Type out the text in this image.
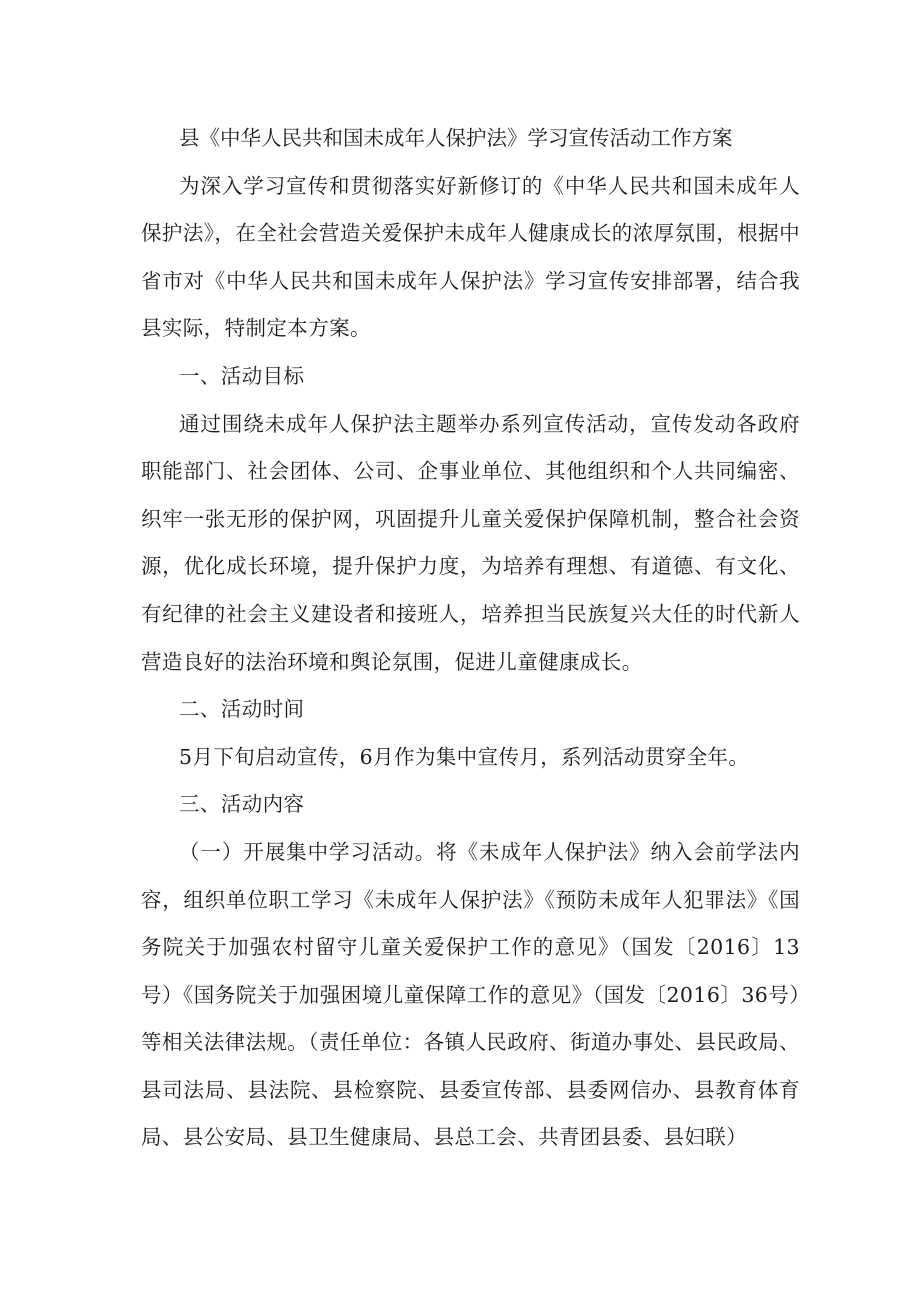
县《中华人民共和国未成年人保护法》学习宣传活动工作方案

为深入学习宣传和贯彻落实好新修订的《中华人民共和国未成年人保护法》，在全社会营造关爱保护未成年人健康成长的浓厚氛围，根据中省市对《中华人民共和国未成年人保护法》学习宣传安排部署，结合我县实际，特制定本方案。

一、活动目标

通过围绕未成年人保护法主题举办系列宣传活动，宣传发动各政府职能部门、社会团体、公司、企事业单位、其他组织和个人共同编密、织牢一张无形的保护网，巩固提升儿童关爱保护保障机制，整合社会资源，优化成长环境，提升保护力度，为培养有理想、有道德、有文化、有纪律的社会主义建设者和接班人，培养担当民族复兴大任的时代新人营造良好的法治环境和舆论氛围，促进儿童健康成长。

二、活动时间

5月下旬启动宣传，6月作为集中宣传月，系列活动贯穿全年。

三、活动内容

（一）开展集中学习活动。将《未成年人保护法》纳入会前学法内容，组织单位职工学习《未成年人保护法》《预防未成年人犯罪法》《国务院关于加强农村留守儿童关爱保护工作的意见》（国发〔2016〕13号）《国务院关于加强困境儿童保障工作的意见》（国发〔2016〕36号）等相关法律法规。（责任单位：各镇人民政府、街道办事处、县民政局、县司法局、县法院、县检察院、县委宣传部、县委网信办、县教育体育局、县公安局、县卫生健康局、县总工会、共青团县委、县妇联）
